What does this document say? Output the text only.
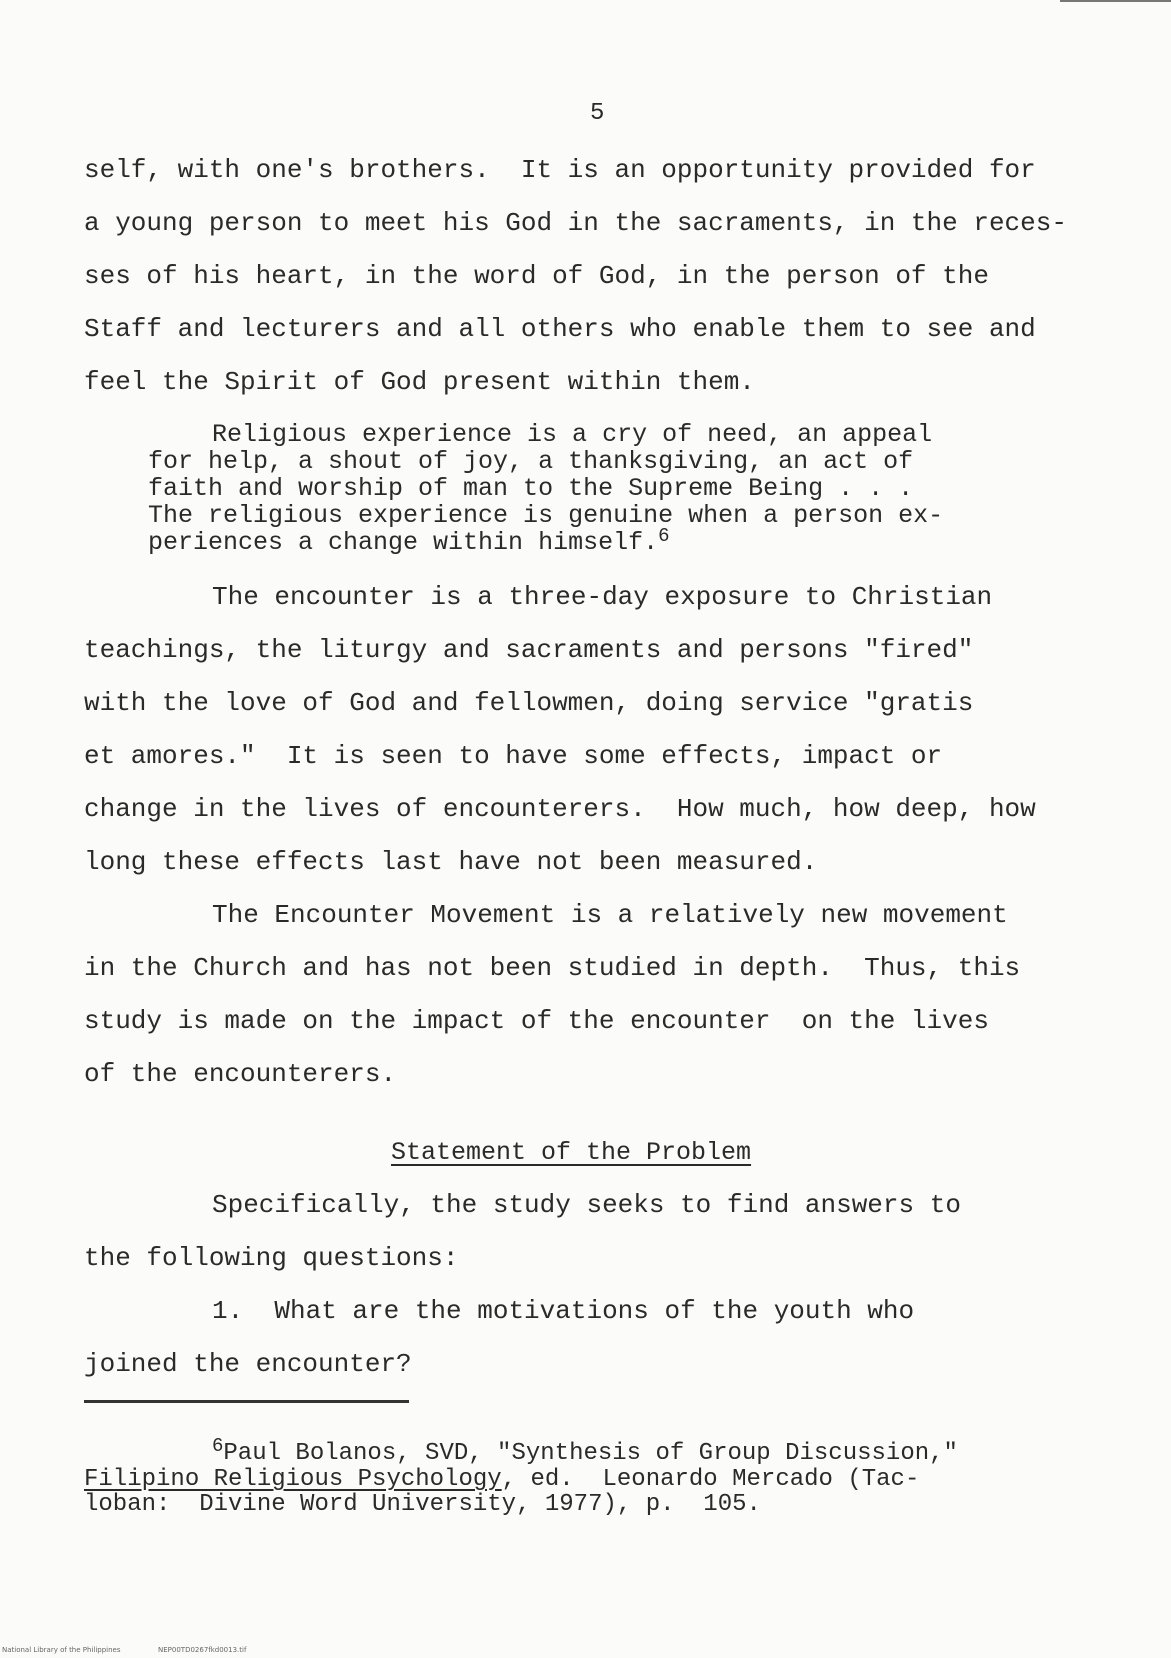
5
self, with one's brothers.  It is an opportunity provided for
a young person to meet his God in the sacraments, in the reces-
ses of his heart, in the word of God, in the person of the
Staff and lecturers and all others who enable them to see and
feel the Spirit of God present within them.
Religious experience is a cry of need, an appeal
for help, a shout of joy, a thanksgiving, an act of
faith and worship of man to the Supreme Being . . .
The religious experience is genuine when a person ex-
periences a change within himself.$^6$
The encounter is a three-day exposure to Christian
teachings, the liturgy and sacraments and persons "fired"
with the love of God and fellowmen, doing service "gratis
et amores."  It is seen to have some effects, impact or
change in the lives of encounterers.  How much, how deep, how
long these effects last have not been measured.
The Encounter Movement is a relatively new movement
in the Church and has not been studied in depth.  Thus, this
study is made on the impact of the encounter  on the lives
of the encounterers.
Statement of the Problem
Specifically, the study seeks to find answers to
the following questions:
1.  What are the motivations of the youth who
joined the encounter?
$^6$Paul Bolanos, SVD, "Synthesis of Group Discussion,"
Filipino Religious Psychology, ed.  Leonardo Mercado (Tac-
loban:  Divine Word University, 1977), p.  105.
National Library of the Philippines	NEP00TD0267fkd0013.tif
